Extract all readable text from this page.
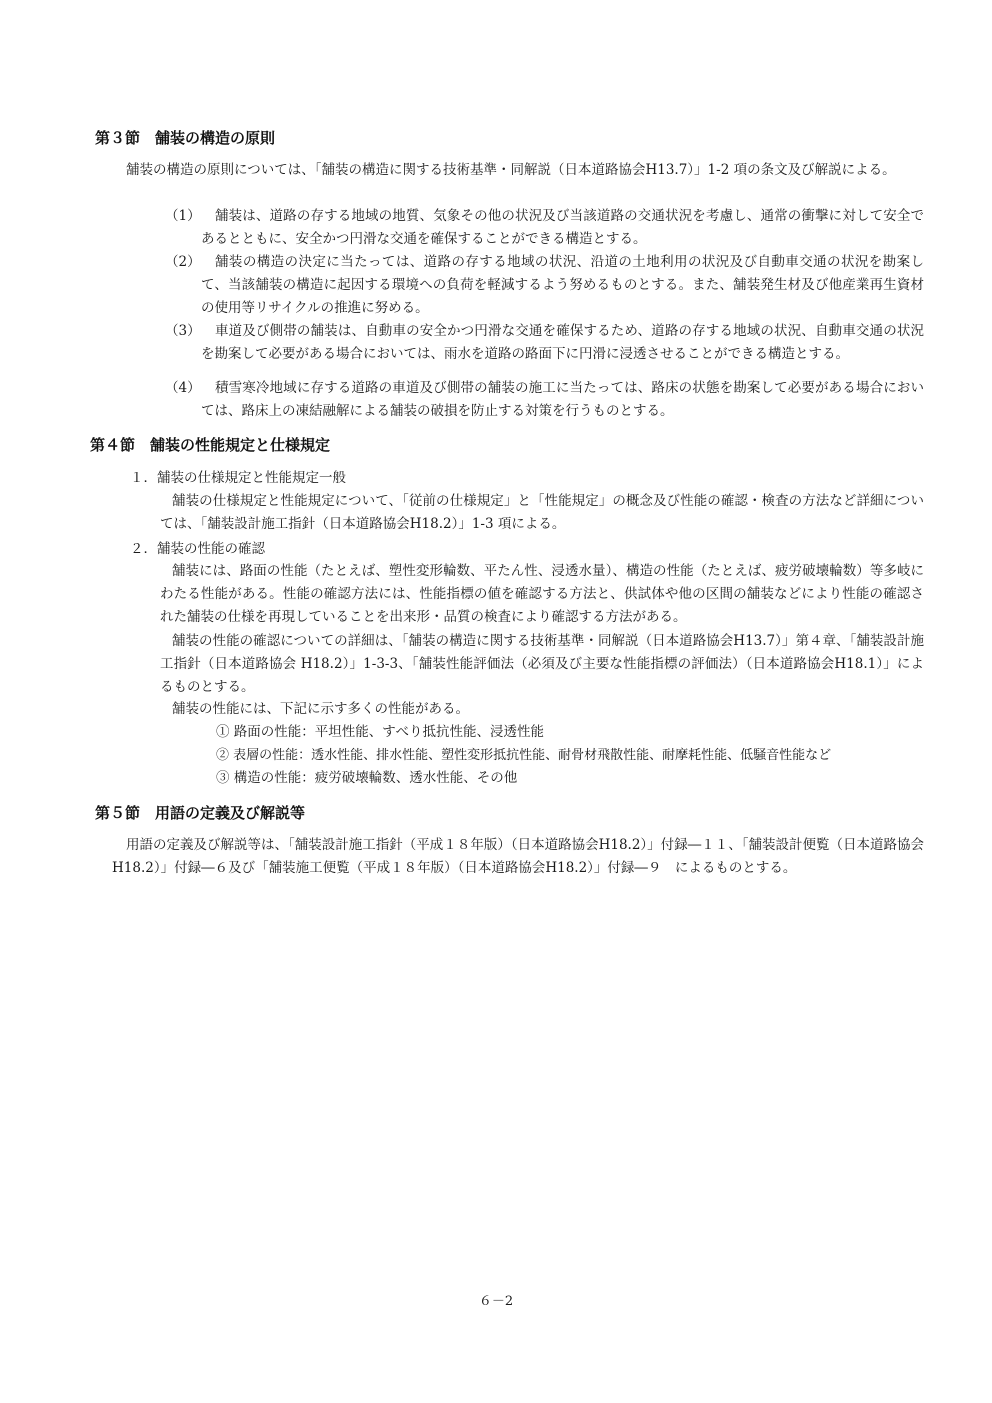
第３節　舗装の構造の原則

舗装の構造の原則については、「舗装の構造に関する技術基準・同解説（日本道路協会H13.7）」1-2 項の条文及び解説による。

（1）	舗装は、道路の存する地域の地質、気象その他の状況及び当該道路の交通状況を考慮し、通常の衝撃に対して安全であるとともに、安全かつ円滑な交通を確保することができる構造とする。

（2）	舗装の構造の決定に当たっては、道路の存する地域の状況、沿道の土地利用の状況及び自動車交通の状況を勘案して、当該舗装の構造に起因する環境への負荷を軽減するよう努めるものとする。また、舗装発生材及び他産業再生資材の使用等リサイクルの推進に努める。

（3）	車道及び側帯の舗装は、自動車の安全かつ円滑な交通を確保するため、道路の存する地域の状況、自動車交通の状況を勘案して必要がある場合においては、雨水を道路の路面下に円滑に浸透させることができる構造とする。

（4）	積雪寒冷地域に存する道路の車道及び側帯の舗装の施工に当たっては、路床の状態を勘案して必要がある場合においては、路床上の凍結融解による舗装の破損を防止する対策を行うものとする。

第４節　舗装の性能規定と仕様規定
１．舗装の仕様規定と性能規定一般

舗装の仕様規定と性能規定について、「従前の仕様規定」と「性能規定」の概念及び性能の確認・検査の方法など詳細については、「舗装設計施工指針（日本道路協会H18.2）」1-3 項による。

２．舗装の性能の確認

舗装には、路面の性能（たとえば、塑性変形輪数、平たん性、浸透水量）、構造の性能（たとえば、疲労破壊輪数）等多岐にわたる性能がある。性能の確認方法には、性能指標の値を確認する方法と、供試体や他の区間の舗装などにより性能の確認された舗装の仕様を再現していることを出来形・品質の検査により確認する方法がある。

舗装の性能の確認についての詳細は、「舗装の構造に関する技術基準・同解説（日本道路協会H13.7）」第４章、「舗装設計施工指針（日本道路協会 H18.2）」1-3-3、「舗装性能評価法（必須及び主要な性能指標の評価法）（日本道路協会H18.1）」によるものとする。

舗装の性能には、下記に示す多くの性能がある。

① 路面の性能：平坦性能、すべり抵抗性能、浸透性能
② 表層の性能：透水性能、排水性能、塑性変形抵抗性能、耐骨材飛散性能、耐摩耗性能、低騒音性能など
③ 構造の性能：疲労破壊輪数、透水性能、その他
第５節　用語の定義及び解説等

用語の定義及び解説等は、「舗装設計施工指針（平成１８年版）（日本道路協会H18.2）」付録―１１、「舗装設計便覧（日本道路協会H18.2）」付録―６及び「舗装施工便覧（平成１８年版）（日本道路協会H18.2）」付録―９　によるものとする。

６－2
